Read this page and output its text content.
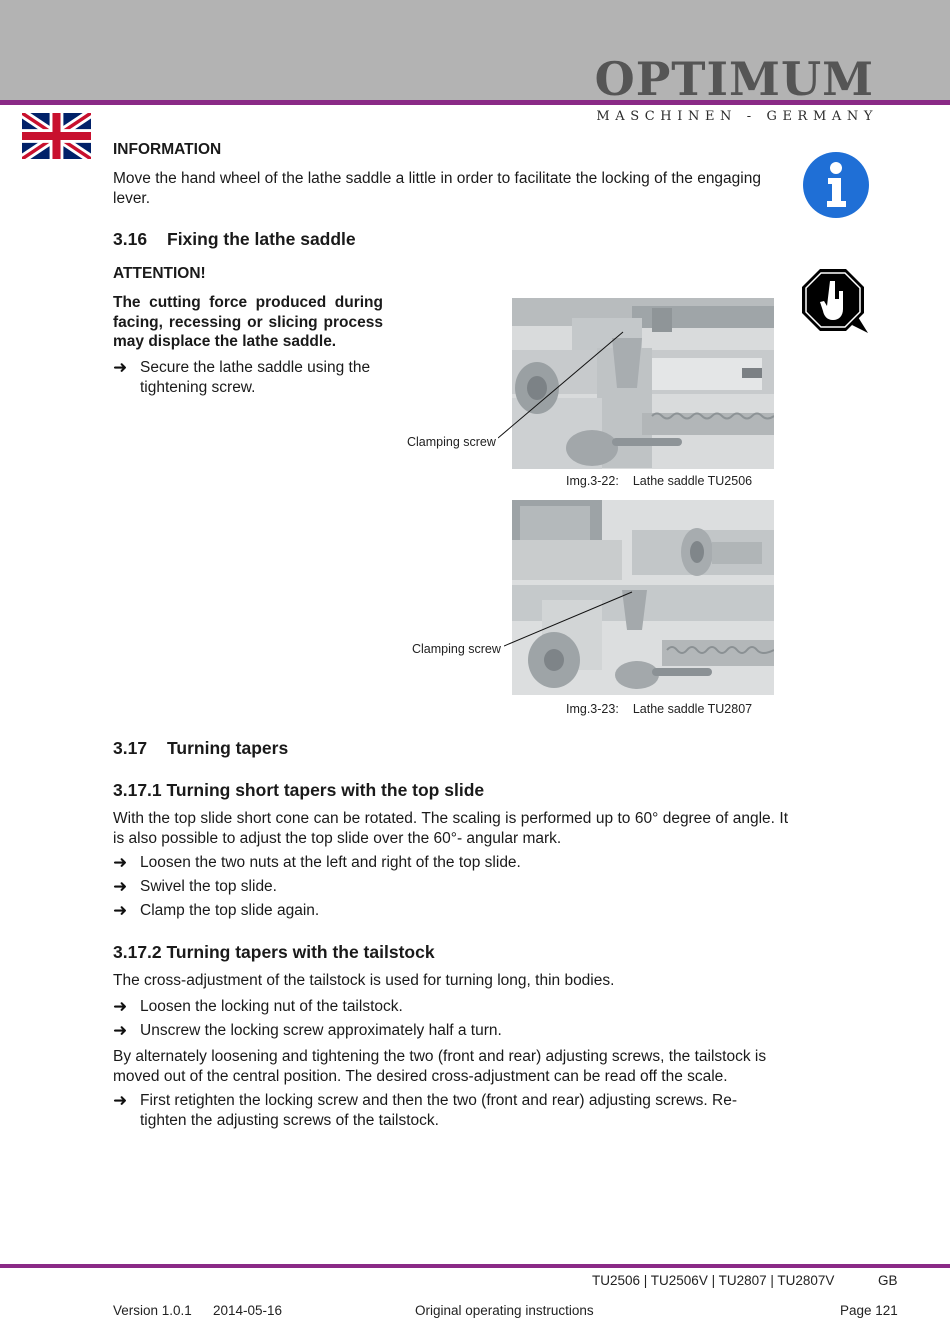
OPTIMUM
MASCHINEN - GERMANY
INFORMATION
Move the hand wheel of the lathe saddle a little in order to facilitate the locking of the engaging lever.
3.16 Fixing the lathe saddle
ATTENTION!
The cutting force produced during facing, recessing or slicing process may displace the lathe saddle.
➜ Secure the lathe saddle using the tightening screw.
Clamping screw
Img.3-22: Lathe saddle TU2506
Clamping screw
Img.3-23: Lathe saddle TU2807
3.17 Turning tapers
3.17.1 Turning short tapers with the top slide
With the top slide short cone can be rotated. The scaling is performed up to 60° degree of angle. It is also possible to adjust the top slide over the 60°- angular mark.
➜ Loosen the two nuts at the left and right of the top slide.
➜ Swivel the top slide.
➜ Clamp the top slide again.
3.17.2 Turning tapers with the tailstock
The cross-adjustment of the tailstock is used for turning long, thin bodies.
➜ Loosen the locking nut of the tailstock.
➜ Unscrew the locking screw approximately half a turn.
By alternately loosening and tightening the two (front and rear) adjusting screws, the tailstock is moved out of the central position. The desired cross-adjustment can be read off the scale.
➜ First retighten the locking screw and then the two (front and rear) adjusting screws. Re-tighten the adjusting screws of the tailstock.
TU2506 | TU2506V | TU2807 | TU2807V	GB
Version 1.0.1 2014-05-16	Original operating instructions	Page 121
